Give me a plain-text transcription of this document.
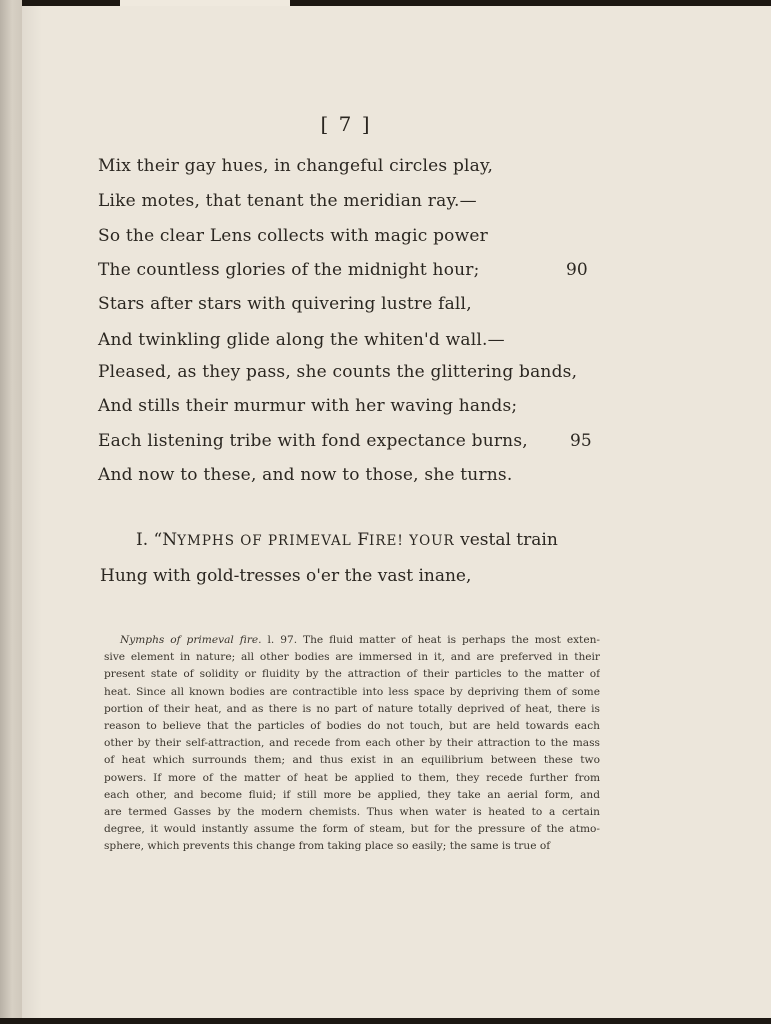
[ 7 ]
Mix their gay hues, in changeful circles play,
Like motes, that tenant the meridian ray.—
So the clear Lens collects with magic power
The countless glories of the midnight hour;	90
Stars after stars with quivering lustre fall,
And twinkling glide along the whiten'd wall.—
Pleased, as they pass, she counts the glittering bands,
And stills their murmur with her waving hands;
Each listening tribe with fond expectance burns, 95
And now to these, and now to those, she turns.
I. “NYMPHS OF PRIMEVAL FIRE! YOUR vestal train
Hung with gold-tresses o'er the vast inane,
Nymphs of primeval fire. l. 97. The fluid matter of heat is perhaps the most exten-
sive element in nature; all other bodies are immersed in it, and are preferved in their
present state of solidity or fluidity by the attraction of their particles to the matter of
heat. Since all known bodies are contractible into less space by depriving them of some
portion of their heat, and as there is no part of nature totally deprived of heat, there is
reason to believe that the particles of bodies do not touch, but are held towards each
other by their self-attraction, and recede from each other by their attraction to the mass
of heat which surrounds them; and thus exist in an equilibrium between these two
powers. If more of the matter of heat be applied to them, they recede further from
each other, and become fluid; if still more be applied, they take an aerial form, and
are termed Gasses by the modern chemists. Thus when water is heated to a certain
degree, it would instantly assume the form of steam, but for the pressure of the atmo-
sphere, which prevents this change from taking place so easily; the same is true of
